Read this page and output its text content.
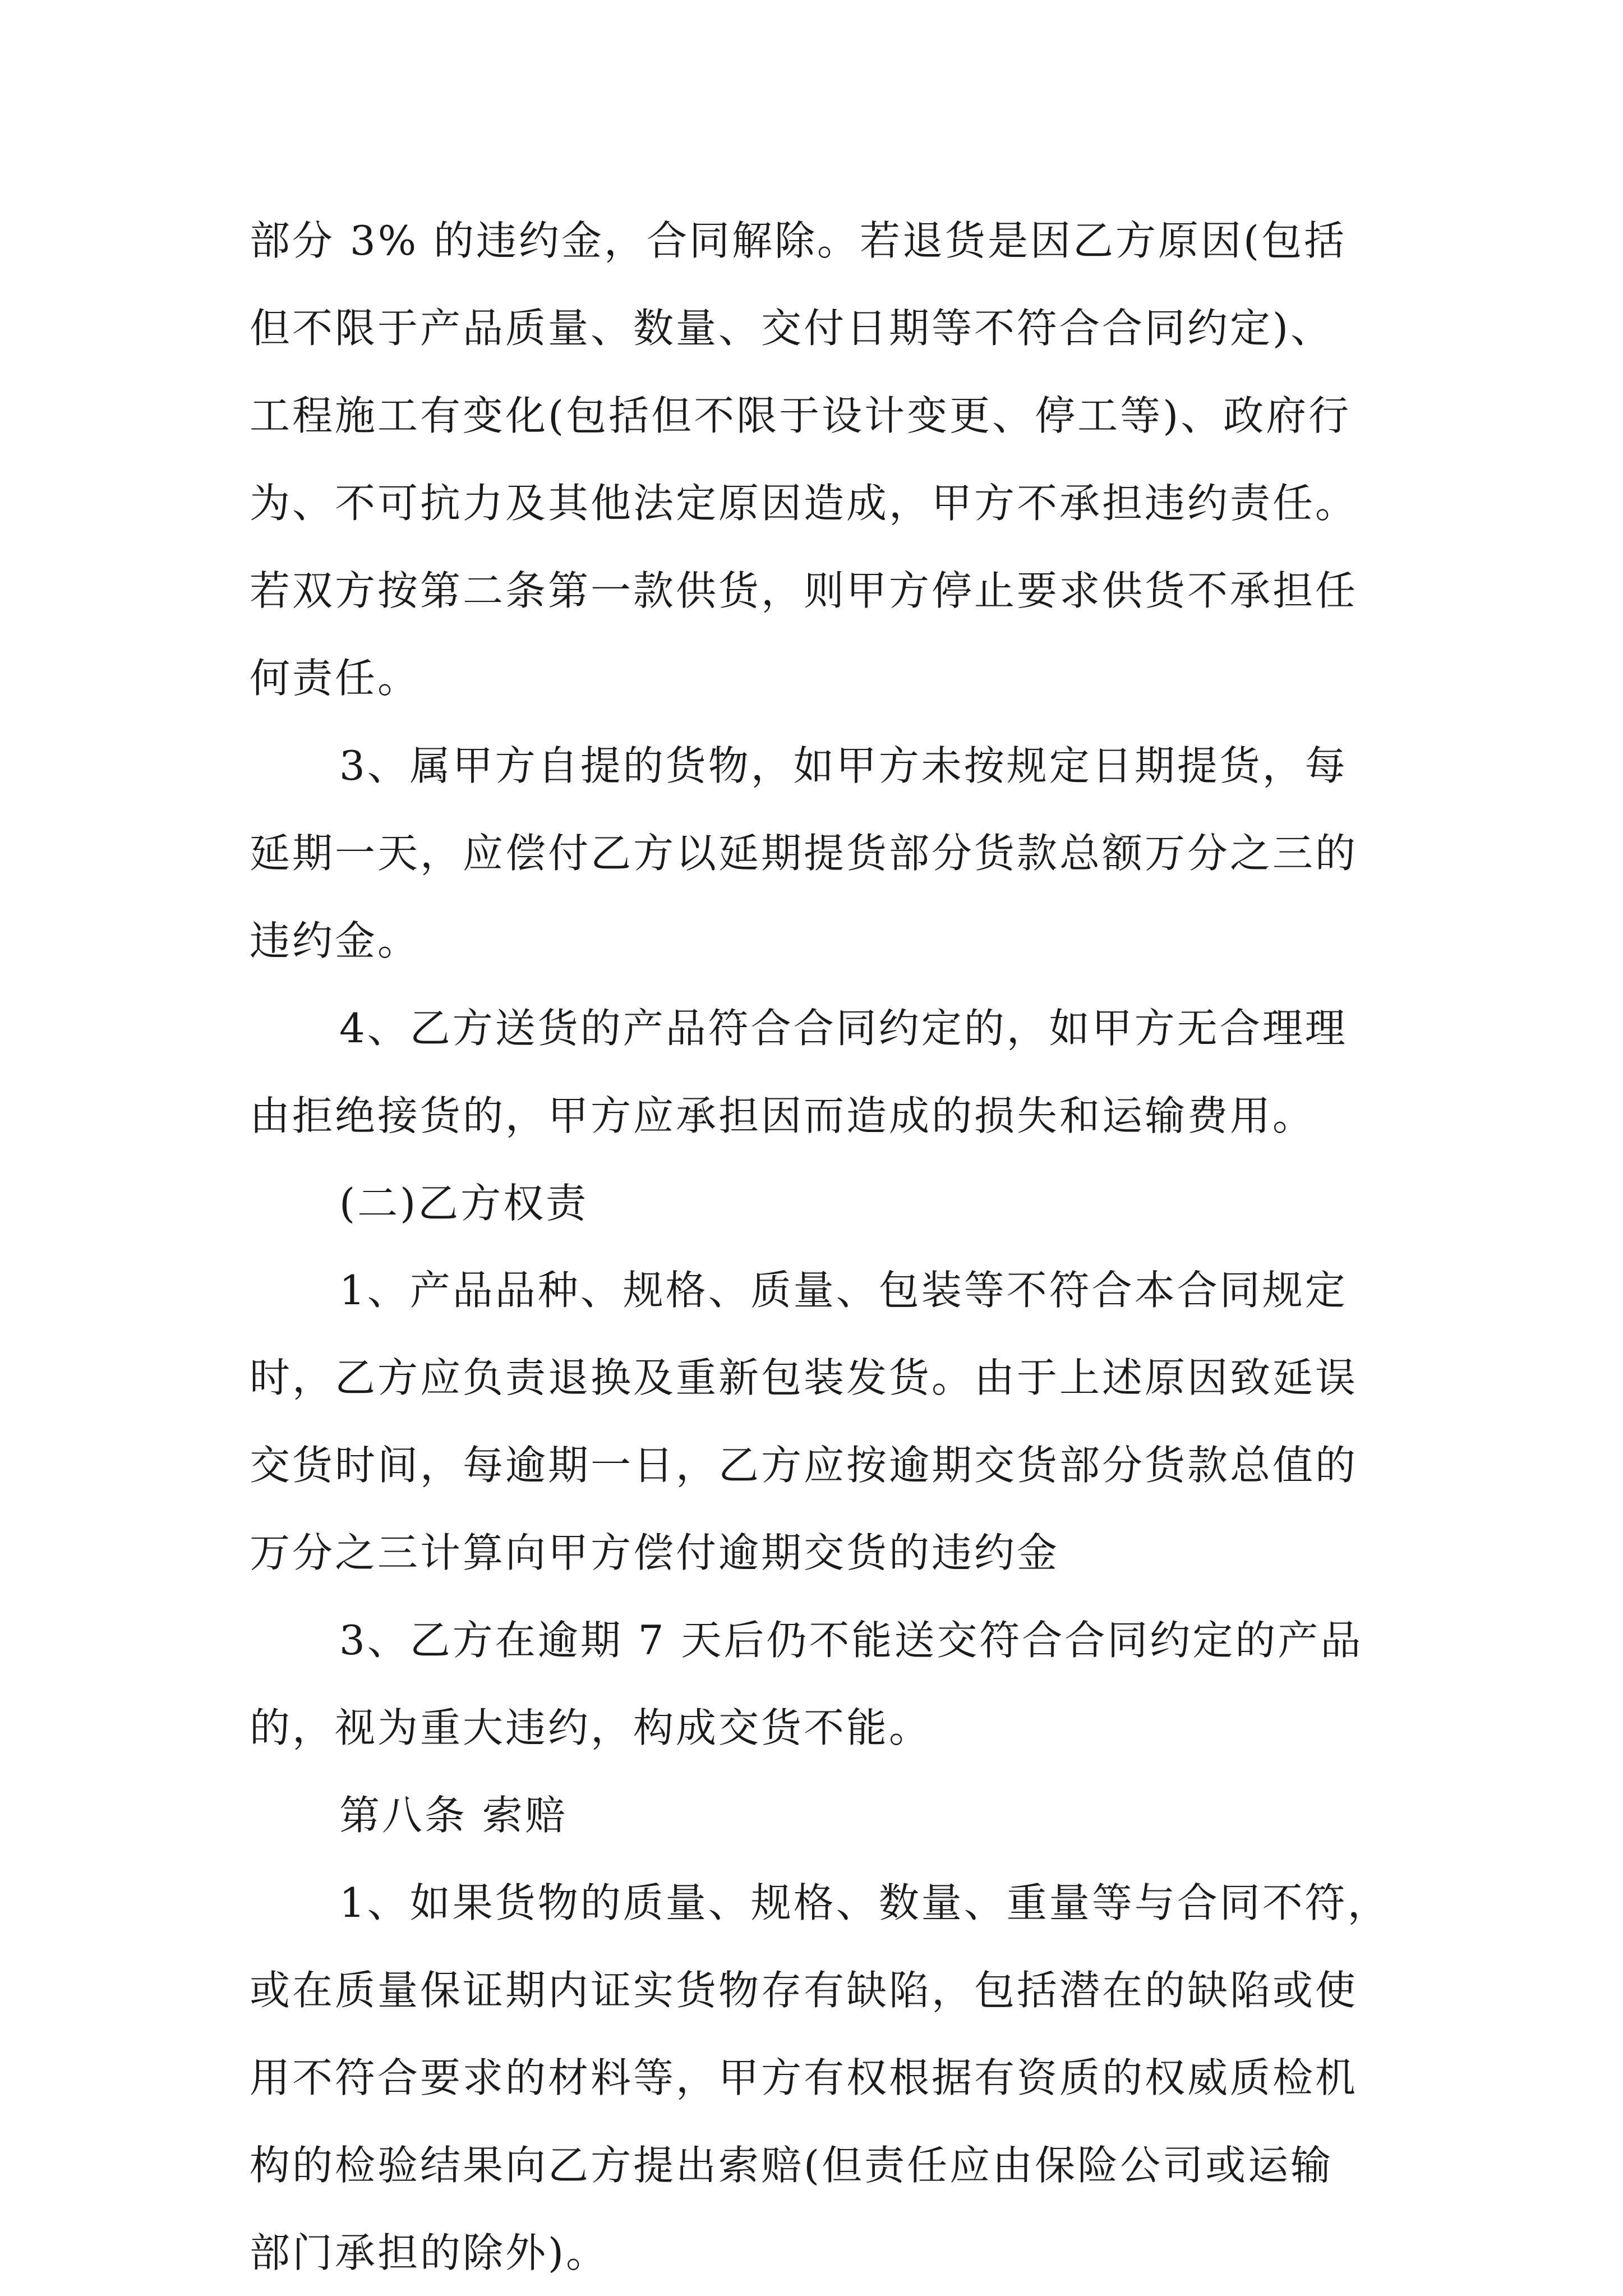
部分 3% 的违约金，合同解除。若退货是因乙方原因(包括

但不限于产品质量、数量、交付日期等不符合合同约定)、

工程施工有变化(包括但不限于设计变更、停工等)、政府行

为、不可抗力及其他法定原因造成，甲方不承担违约责任。

若双方按第二条第一款供货，则甲方停止要求供货不承担任

何责任。

3、属甲方自提的货物，如甲方未按规定日期提货，每

延期一天，应偿付乙方以延期提货部分货款总额万分之三的

违约金。

4、乙方送货的产品符合合同约定的，如甲方无合理理

由拒绝接货的，甲方应承担因而造成的损失和运输费用。

(二)乙方权责

1、产品品种、规格、质量、包装等不符合本合同规定

时，乙方应负责退换及重新包装发货。由于上述原因致延误

交货时间，每逾期一日，乙方应按逾期交货部分货款总值的

万分之三计算向甲方偿付逾期交货的违约金

3、乙方在逾期 7 天后仍不能送交符合合同约定的产品

的，视为重大违约，构成交货不能。

第八条 索赔

1、如果货物的质量、规格、数量、重量等与合同不符，

或在质量保证期内证实货物存有缺陷，包括潜在的缺陷或使

用不符合要求的材料等，甲方有权根据有资质的权威质检机

构的检验结果向乙方提出索赔(但责任应由保险公司或运输

部门承担的除外)。
